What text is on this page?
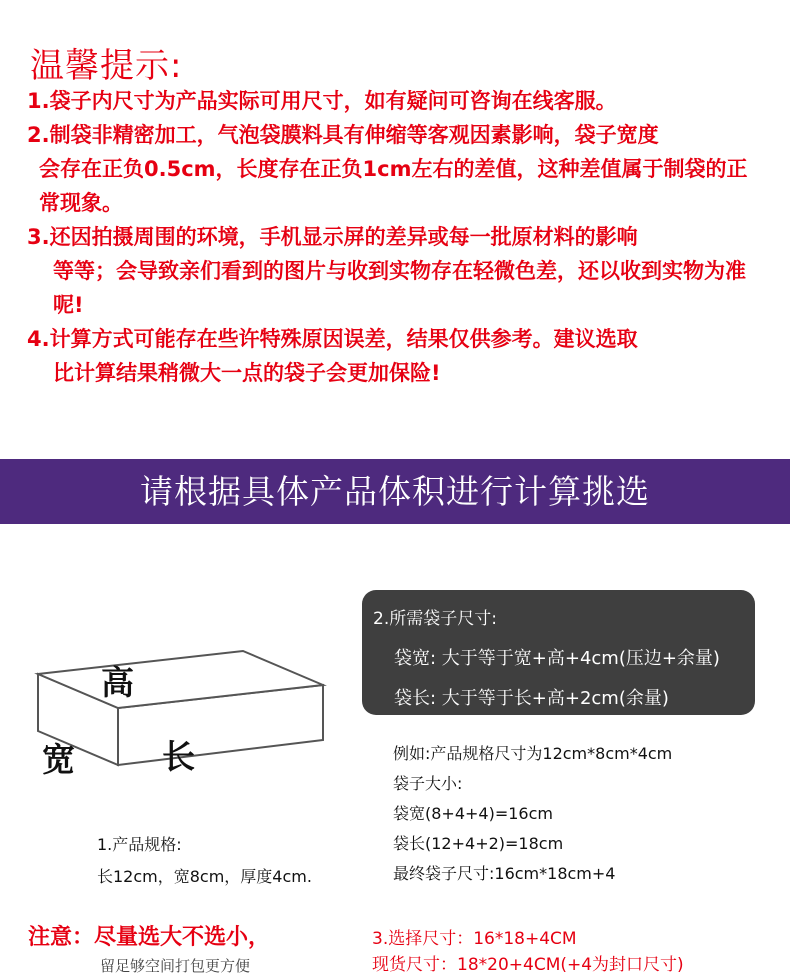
温馨提示:

1.袋子内尺寸为产品实际可用尺寸，如有疑问可咨询在线客服。

2.制袋非精密加工，气泡袋膜料具有伸缩等客观因素影响，袋子宽度
会存在正负0.5cm，长度存在正负1cm左右的差值，这种差值属于制袋的正常现象。

3.还因拍摄周围的环境，手机显示屏的差异或每一批原材料的影响
等等；会导致亲们看到的图片与收到实物存在轻微色差，还以收到实物为准呢!

4.计算方式可能存在些许特殊原因误差，结果仅供参考。建议选取
比计算结果稍微大一点的袋子会更加保险!

请根据具体产品体积进行计算挑选
高
宽	长
2.所需袋子尺寸:
袋宽: 大于等于宽+高+4cm(压边+余量)
袋长: 大于等于长+高+2cm(余量)
例如:产品规格尺寸为12cm*8cm*4cm
袋子大小:
袋宽(8+4+4)=16cm
袋长(12+4+2)=18cm
最终袋子尺寸:16cm*18cm+4
1.产品规格:
长12cm，宽8cm，厚度4cm.
注意：尽量选大不选小，
留足够空间打包更方便
3.选择尺寸：16*18+4CM
现货尺寸：18*20+4CM(+4为封口尺寸)
